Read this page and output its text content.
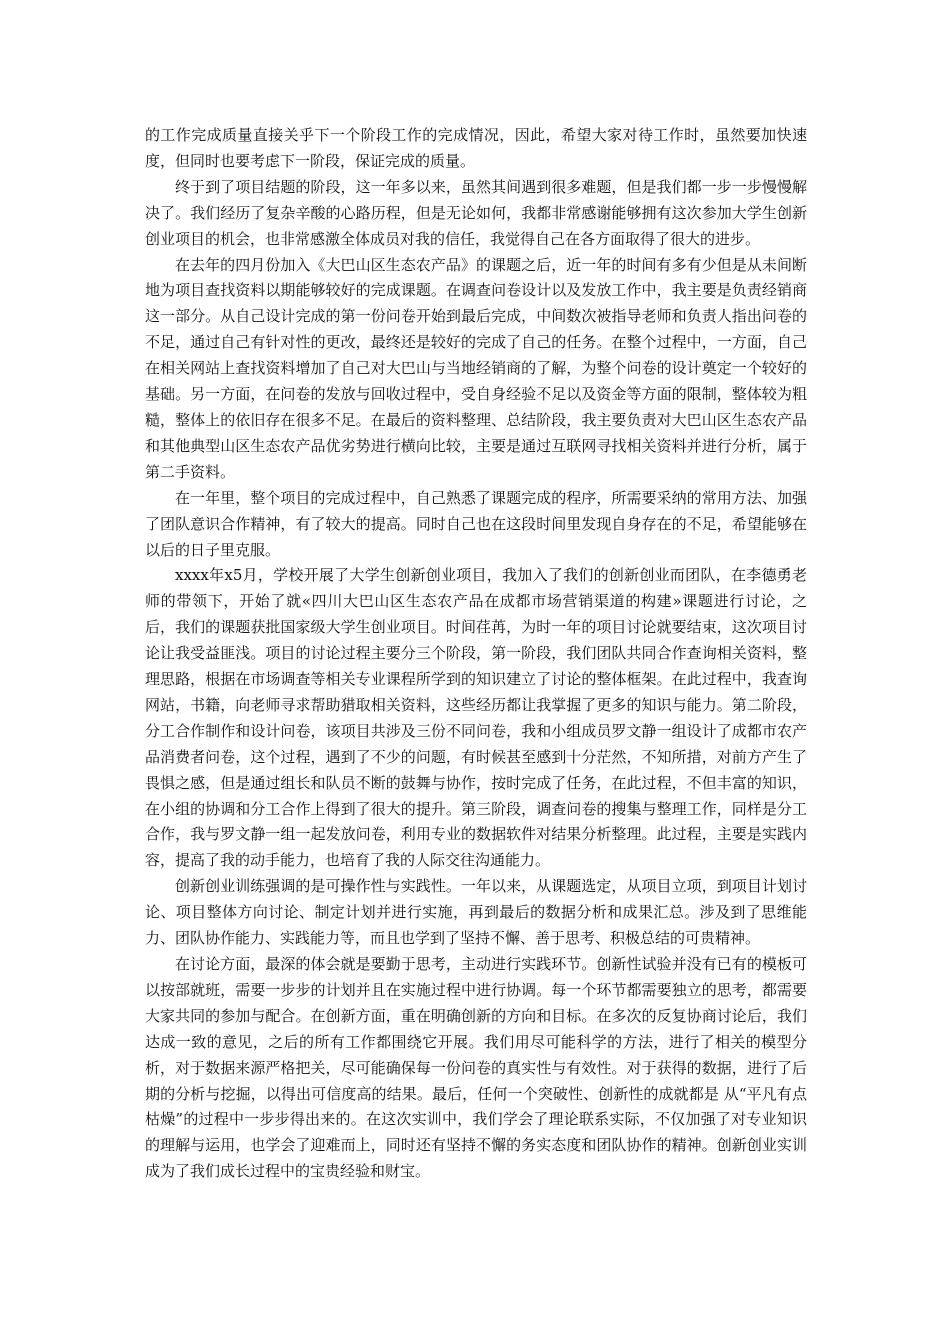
的工作完成质量直接关乎下一个阶段工作的完成情况，因此，希望大家对待工作时，虽然要加快速度，但同时也要考虑下一阶段，保证完成的质量。

终于到了项目结题的阶段，这一年多以来，虽然其间遇到很多难题，但是我们都一步一步慢慢解决了。我们经历了复杂辛酸的心路历程，但是无论如何，我都非常感谢能够拥有这次参加大学生创新创业项目的机会，也非常感激全体成员对我的信任，我觉得自己在各方面取得了很大的进步。

在去年的四月份加入《大巴山区生态农产品》的课题之后，近一年的时间有多有少但是从未间断地为项目查找资料以期能够较好的完成课题。在调查问卷设计以及发放工作中，我主要是负责经销商这一部分。从自己设计完成的第一份问卷开始到最后完成，中间数次被指导老师和负责人指出问卷的不足，通过自己有针对性的更改，最终还是较好的完成了自己的任务。在整个过程中，一方面，自己在相关网站上查找资料增加了自己对大巴山与当地经销商的了解，为整个问卷的设计奠定一个较好的基础。另一方面，在问卷的发放与回收过程中，受自身经验不足以及资金等方面的限制，整体较为粗糙，整体上的依旧存在很多不足。在最后的资料整理、总结阶段，我主要负责对大巴山区生态农产品和其他典型山区生态农产品优劣势进行横向比较，主要是通过互联网寻找相关资料并进行分析，属于第二手资料。

在一年里，整个项目的完成过程中，自己熟悉了课题完成的程序，所需要采纳的常用方法、加强了团队意识合作精神，有了较大的提高。同时自己也在这段时间里发现自身存在的不足，希望能够在以后的日子里克服。

xxxx年x5月，学校开展了大学生创新创业项目，我加入了我们的创新创业而团队，在李德勇老师的带领下，开始了就«四川大巴山区生态农产品在成都市场营销渠道的构建»课题进行讨论，之后，我们的课题获批国家级大学生创业项目。时间荏苒，为时一年的项目讨论就要结束，这次项目讨论让我受益匪浅。项目的讨论过程主要分三个阶段，第一阶段，我们团队共同合作查询相关资料，整理思路，根据在市场调查等相关专业课程所学到的知识建立了讨论的整体框架。在此过程中，我查询网站，书籍，向老师寻求帮助猎取相关资料，这些经历都让我掌握了更多的知识与能力。第二阶段，分工合作制作和设计问卷，该项目共涉及三份不同问卷，我和小组成员罗文静一组设计了成都市农产品消费者问卷，这个过程，遇到了不少的问题，有时候甚至感到十分茫然，不知所措，对前方产生了畏惧之感，但是通过组长和队员不断的鼓舞与协作，按时完成了任务，在此过程，不但丰富的知识，在小组的协调和分工合作上得到了很大的提升。第三阶段，调查问卷的搜集与整理工作，同样是分工合作，我与罗文静一组一起发放问卷，利用专业的数据软件对结果分析整理。此过程，主要是实践内容，提高了我的动手能力，也培育了我的人际交往沟通能力。

创新创业训练强调的是可操作性与实践性。一年以来，从课题选定，从项目立项，到项目计划讨论、项目整体方向讨论、制定计划并进行实施，再到最后的数据分析和成果汇总。涉及到了思维能力、团队协作能力、实践能力等，而且也学到了坚持不懈、善于思考、积极总结的可贵精神。

在讨论方面，最深的体会就是要勤于思考，主动进行实践环节。创新性试验并没有已有的模板可以按部就班，需要一步步的计划并且在实施过程中进行协调。每一个环节都需要独立的思考，都需要大家共同的参加与配合。在创新方面，重在明确创新的方向和目标。在多次的反复协商讨论后，我们达成一致的意见，之后的所有工作都围绕它开展。我们用尽可能科学的方法，进行了相关的模型分析，对于数据来源严格把关，尽可能确保每一份问卷的真实性与有效性。对于获得的数据，进行了后期的分析与挖掘，以得出可信度高的结果。最后，任何一个突破性、创新性的成就都是 从“平凡有点枯燥”的过程中一步步得出来的。在这次实训中，我们学会了理论联系实际，不仅加强了对专业知识的理解与运用，也学会了迎难而上，同时还有坚持不懈的务实态度和团队协作的精神。创新创业实训成为了我们成长过程中的宝贵经验和财宝。
